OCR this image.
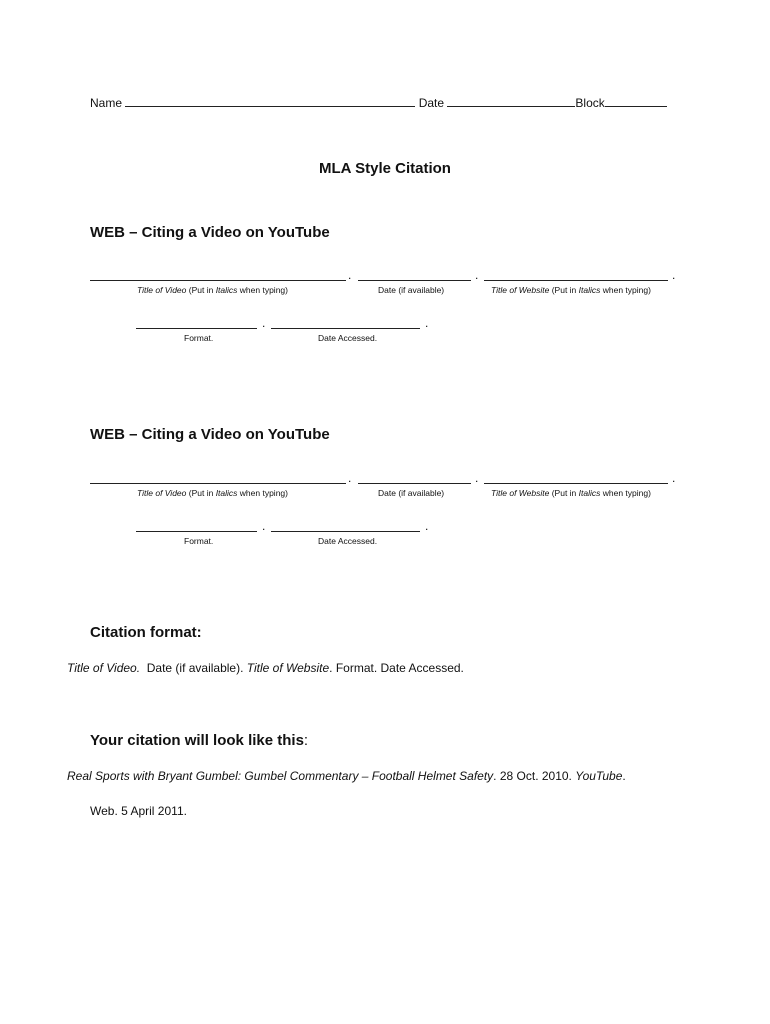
Name	Date	Block
MLA Style Citation
WEB – Citing a Video on YouTube
.	.	.
Title of Video (Put in Italics when typing)	Date (if available)	Title of Website (Put in Italics when typing)
.	.
Format.	Date Accessed.
WEB – Citing a Video on YouTube
.	.	.
Title of Video (Put in Italics when typing)	Date (if available)	Title of Website (Put in Italics when typing)
.	.
Format.	Date Accessed.
Citation format:
Title of Video.  Date (if available). Title of Website. Format. Date Accessed.
Your citation will look like this:
Real Sports with Bryant Gumbel: Gumbel Commentary – Football Helmet Safety. 28 Oct. 2010. YouTube.
Web. 5 April 2011.
